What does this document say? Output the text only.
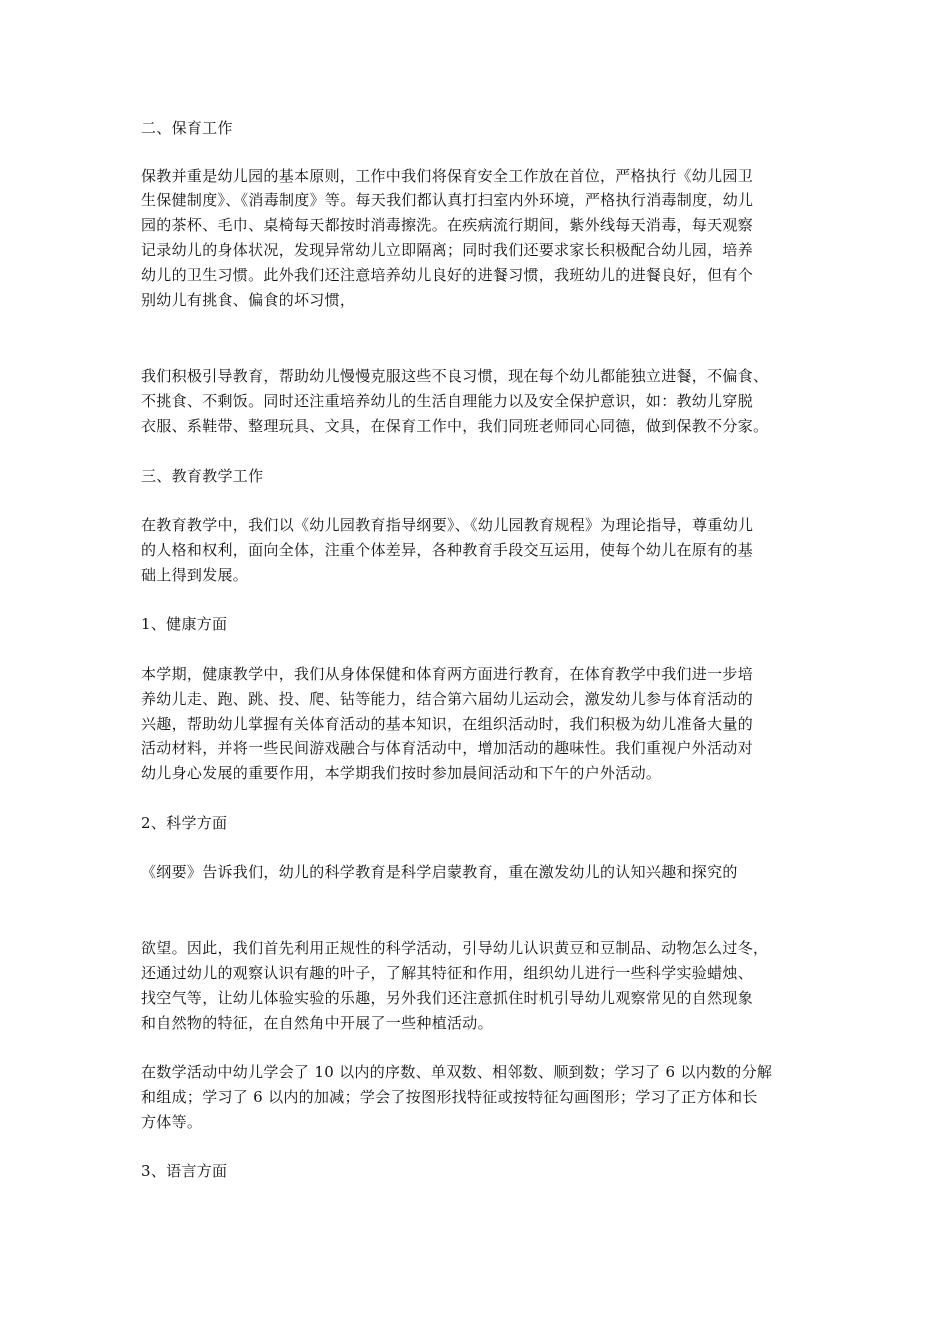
二、保育工作
保教并重是幼儿园的基本原则，工作中我们将保育安全工作放在首位，严格执行《幼儿园卫
生保健制度》、《消毒制度》等。每天我们都认真打扫室内外环境，严格执行消毒制度，幼儿
园的茶杯、毛巾、桌椅每天都按时消毒擦洗。在疾病流行期间，紫外线每天消毒，每天观察
记录幼儿的身体状况，发现异常幼儿立即隔离；同时我们还要求家长积极配合幼儿园，培养
幼儿的卫生习惯。此外我们还注意培养幼儿良好的进餐习惯，我班幼儿的进餐良好，但有个
别幼儿有挑食、偏食的坏习惯，
我们积极引导教育，帮助幼儿慢慢克服这些不良习惯，现在每个幼儿都能独立进餐，不偏食、
不挑食、不剩饭。同时还注重培养幼儿的生活自理能力以及安全保护意识，如：教幼儿穿脱
衣服、系鞋带、整理玩具、文具，在保育工作中，我们同班老师同心同德，做到保教不分家。
三、教育教学工作
在教育教学中，我们以《幼儿园教育指导纲要》、《幼儿园教育规程》为理论指导，尊重幼儿
的人格和权利，面向全体，注重个体差异，各种教育手段交互运用，使每个幼儿在原有的基
础上得到发展。
1、健康方面
本学期，健康教学中，我们从身体保健和体育两方面进行教育，在体育教学中我们进一步培
养幼儿走、跑、跳、投、爬、钻等能力，结合第六届幼儿运动会，激发幼儿参与体育活动的
兴趣，帮助幼儿掌握有关体育活动的基本知识，在组织活动时，我们积极为幼儿准备大量的
活动材料，并将一些民间游戏融合与体育活动中，增加活动的趣味性。我们重视户外活动对
幼儿身心发展的重要作用，本学期我们按时参加晨间活动和下午的户外活动。
2、科学方面
《纲要》告诉我们，幼儿的科学教育是科学启蒙教育，重在激发幼儿的认知兴趣和探究的
欲望。因此，我们首先利用正规性的科学活动，引导幼儿认识黄豆和豆制品、动物怎么过冬，
还通过幼儿的观察认识有趣的叶子，了解其特征和作用，组织幼儿进行一些科学实验蜡烛、
找空气等，让幼儿体验实验的乐趣，另外我们还注意抓住时机引导幼儿观察常见的自然现象
和自然物的特征，在自然角中开展了一些种植活动。
在数学活动中幼儿学会了 10 以内的序数、单双数、相邻数、顺到数；学习了 6 以内数的分解
和组成；学习了 6 以内的加减；学会了按图形找特征或按特征勾画图形；学习了正方体和长
方体等。
3、语言方面
